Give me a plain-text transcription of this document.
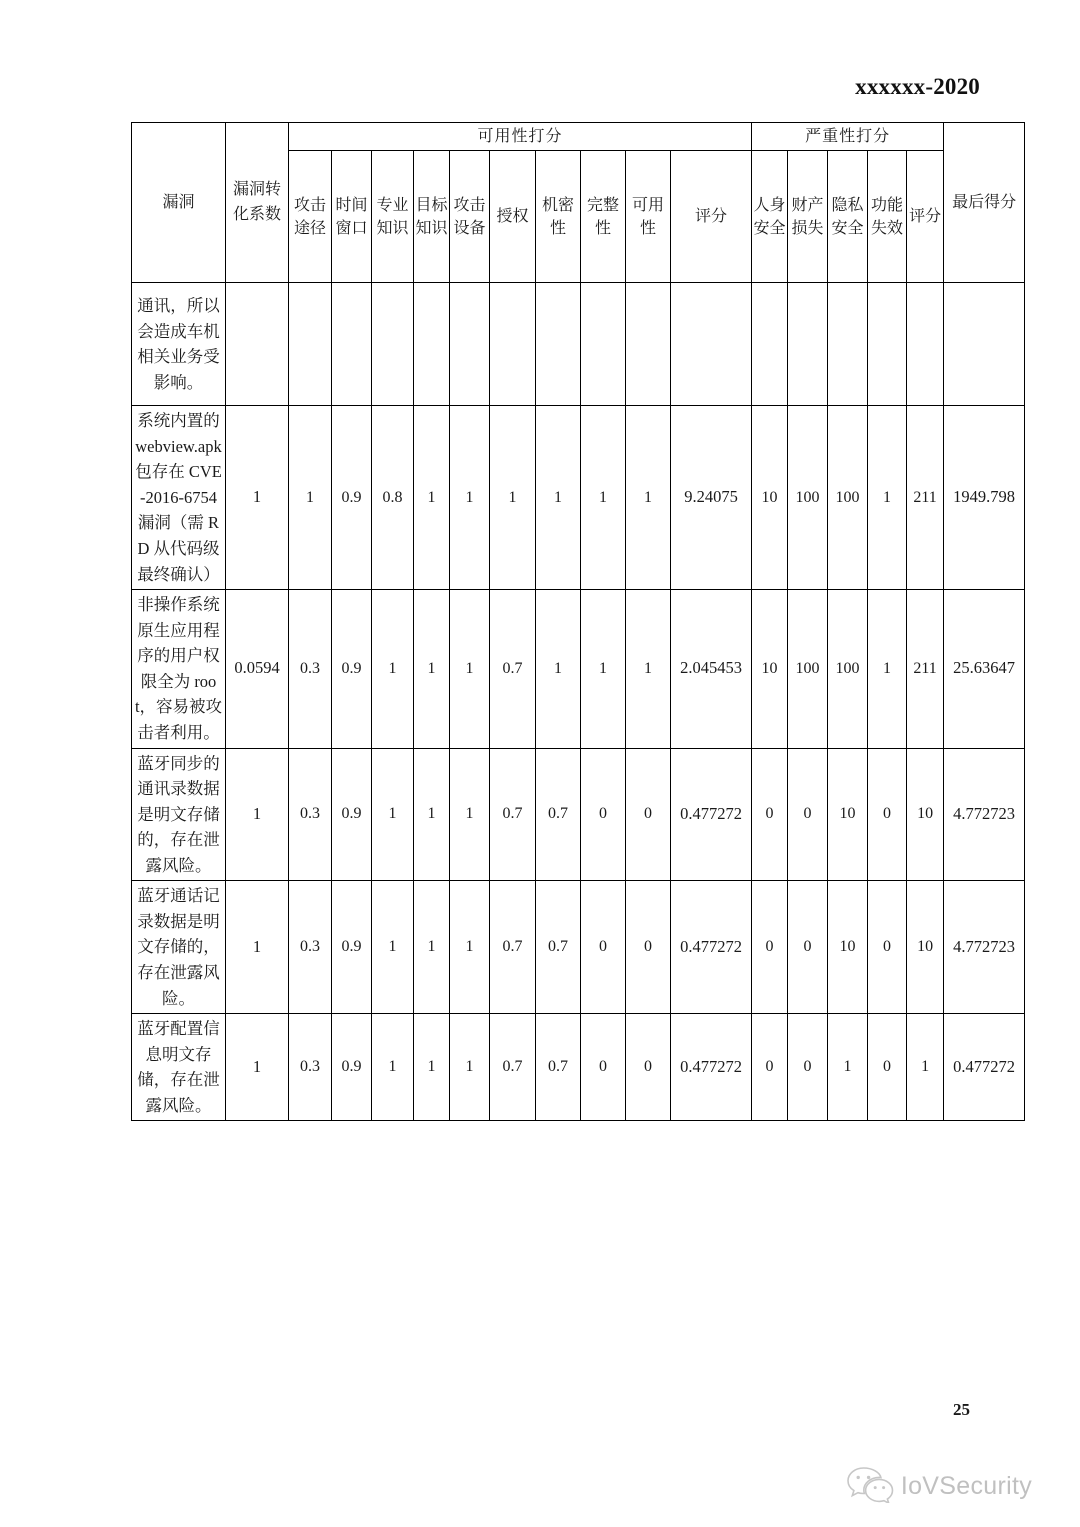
xxxxxx-2020
漏洞	漏洞转化系数	可用性打分										严重性打分					最后得分
		攻击途径	时间窗口	专业知识	目标知识	攻击设备	授权	机密性	完整性	可用性	评分	人身安全	财产损失	隐私安全	功能失效	评分	
通讯，所以会造成车机相关业务受影响。																	
系统内置的 webview.apk 包存在 CVE-2016-6754 漏洞（需 RD 从代码级最终确认）	1	1	0.9	0.8	1	1	1	1	1	1	9.24075	10	100	100	1	211	1949.798
非操作系统原生应用程序的用户权限全为 root，容易被攻击者利用。	0.0594	0.3	0.9	1	1	1	0.7	1	1	1	2.045453	10	100	100	1	211	25.63647
蓝牙同步的通讯录数据是明文存储的，存在泄露风险。	1	0.3	0.9	1	1	1	0.7	0.7	0	0	0.477272	0	0	10	0	10	4.772723
蓝牙通话记录数据是明文存储的，存在泄露风险。	1	0.3	0.9	1	1	1	0.7	0.7	0	0	0.477272	0	0	10	0	10	4.772723
蓝牙配置信息明文存储，存在泄露风险。	1	0.3	0.9	1	1	1	0.7	0.7	0	0	0.477272	0	0	1	0	1	0.477272
25
IoVSecurity
